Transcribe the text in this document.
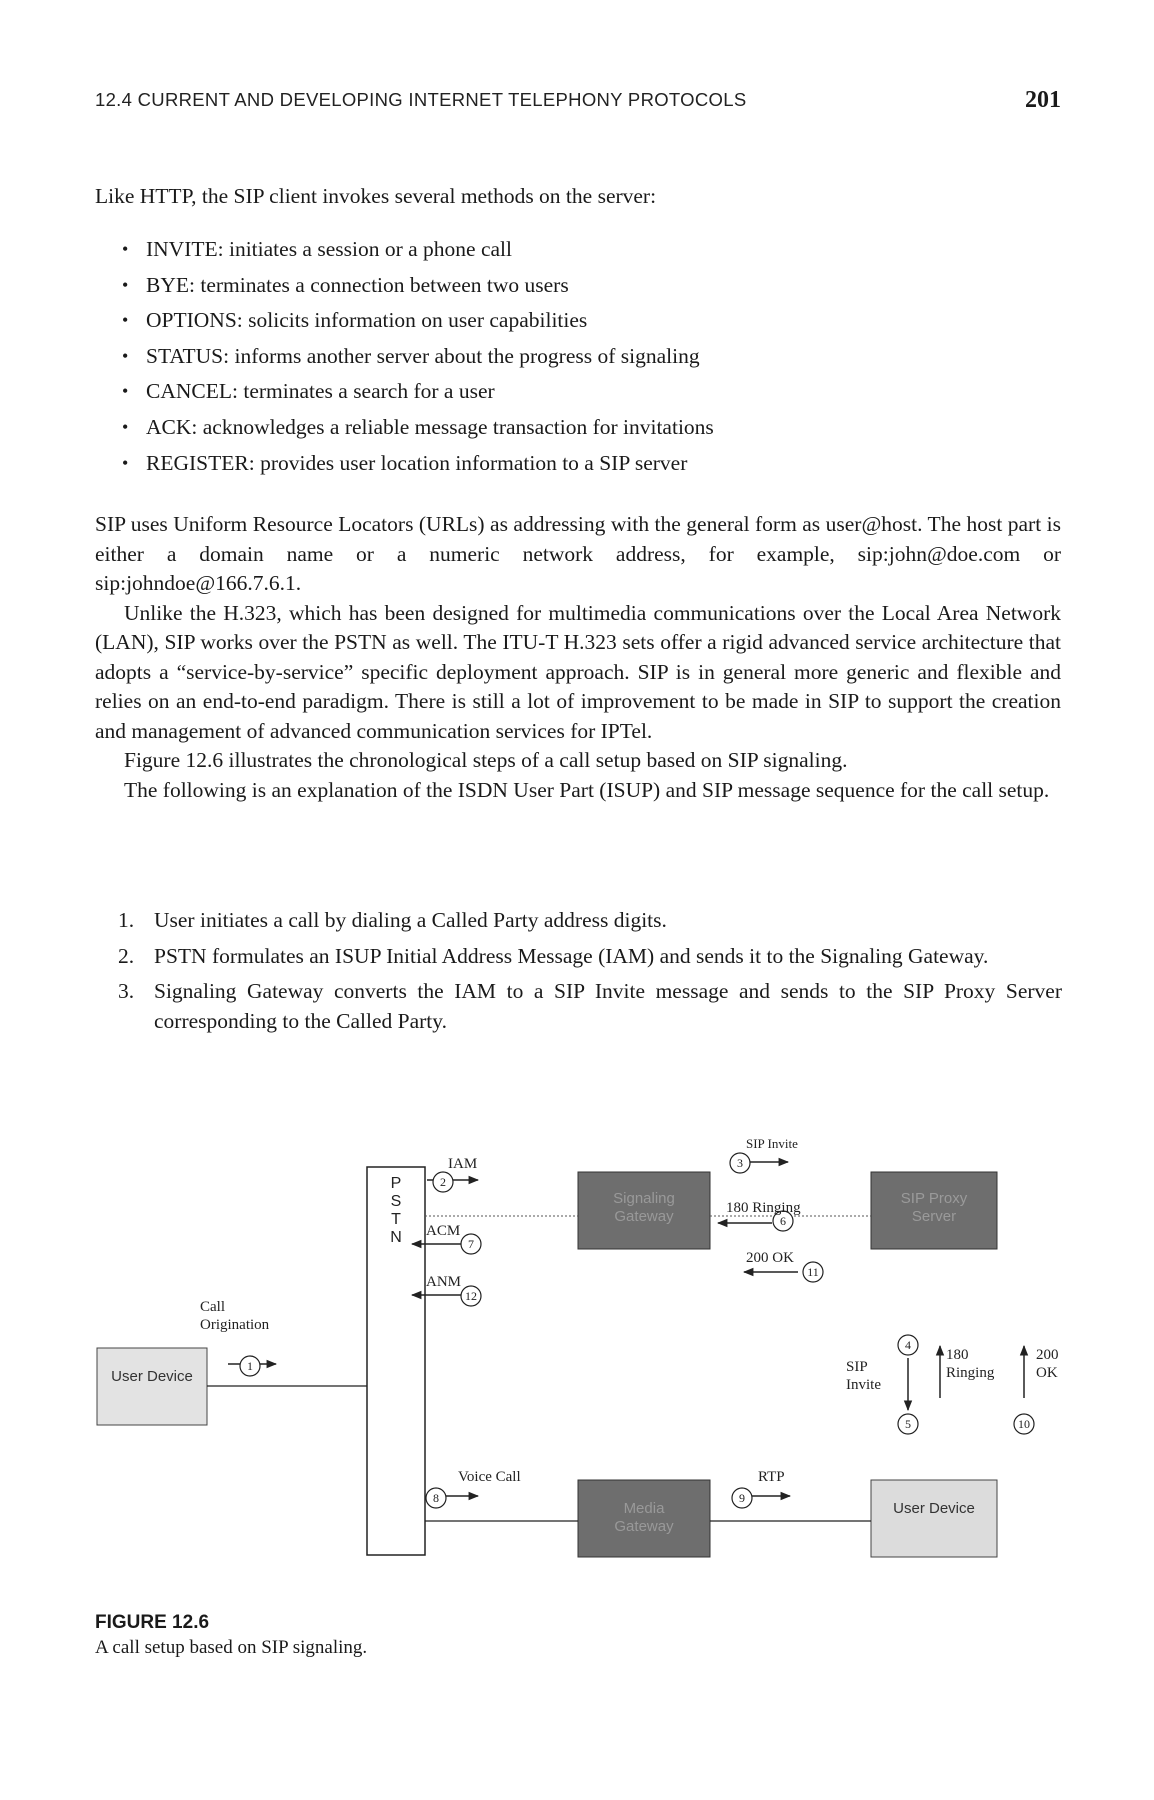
12.4 CURRENT AND DEVELOPING INTERNET TELEPHONY PROTOCOLS	201

Like HTTP, the SIP client invokes several methods on the server:

• INVITE: initiates a session or a phone call
• BYE: terminates a connection between two users
• OPTIONS: solicits information on user capabilities
• STATUS: informs another server about the progress of signaling
• CANCEL: terminates a search for a user
• ACK: acknowledges a reliable message transaction for invitations
• REGISTER: provides user location information to a SIP server

SIP uses Uniform Resource Locators (URLs) as addressing with the general form as user@host. The host part is either a domain name or a numeric network address, for example, sip:john@doe.com or sip:johndoe@166.7.6.1.

Unlike the H.323, which has been designed for multimedia communications over the Local Area Network (LAN), SIP works over the PSTN as well. The ITU-T H.323 sets offer a rigid advanced service architecture that adopts a “service-by-service” specific deployment approach. SIP is in general more generic and flexible and relies on an end-to-end paradigm. There is still a lot of improvement to be made in SIP to support the creation and management of advanced communication services for IPTel.

Figure 12.6 illustrates the chronological steps of a call setup based on SIP signaling.

The following is an explanation of the ISDN User Part (ISUP) and SIP message sequence for the call setup.

1. User initiates a call by dialing a Called Party address digits.
2. PSTN formulates an ISUP Initial Address Message (IAM) and sends it to the Signaling Gateway.
3. Signaling Gateway converts the IAM to a SIP Invite message and sends to the SIP Proxy Server corresponding to the Called Party.
1
2
3
4
5
6
7
8	9
10
11
12
User Device
P
S
T
N
Signaling Gateway
SIP Proxy Server
Media Gateway
User Device
Call Origination
IAM
ACM
ANM
SIP Invite
180 Ringing
200 OK
SIP Invite
180 Ringing
200 OK
Voice Call	RTP
FIGURE 12.6
A call setup based on SIP signaling.
